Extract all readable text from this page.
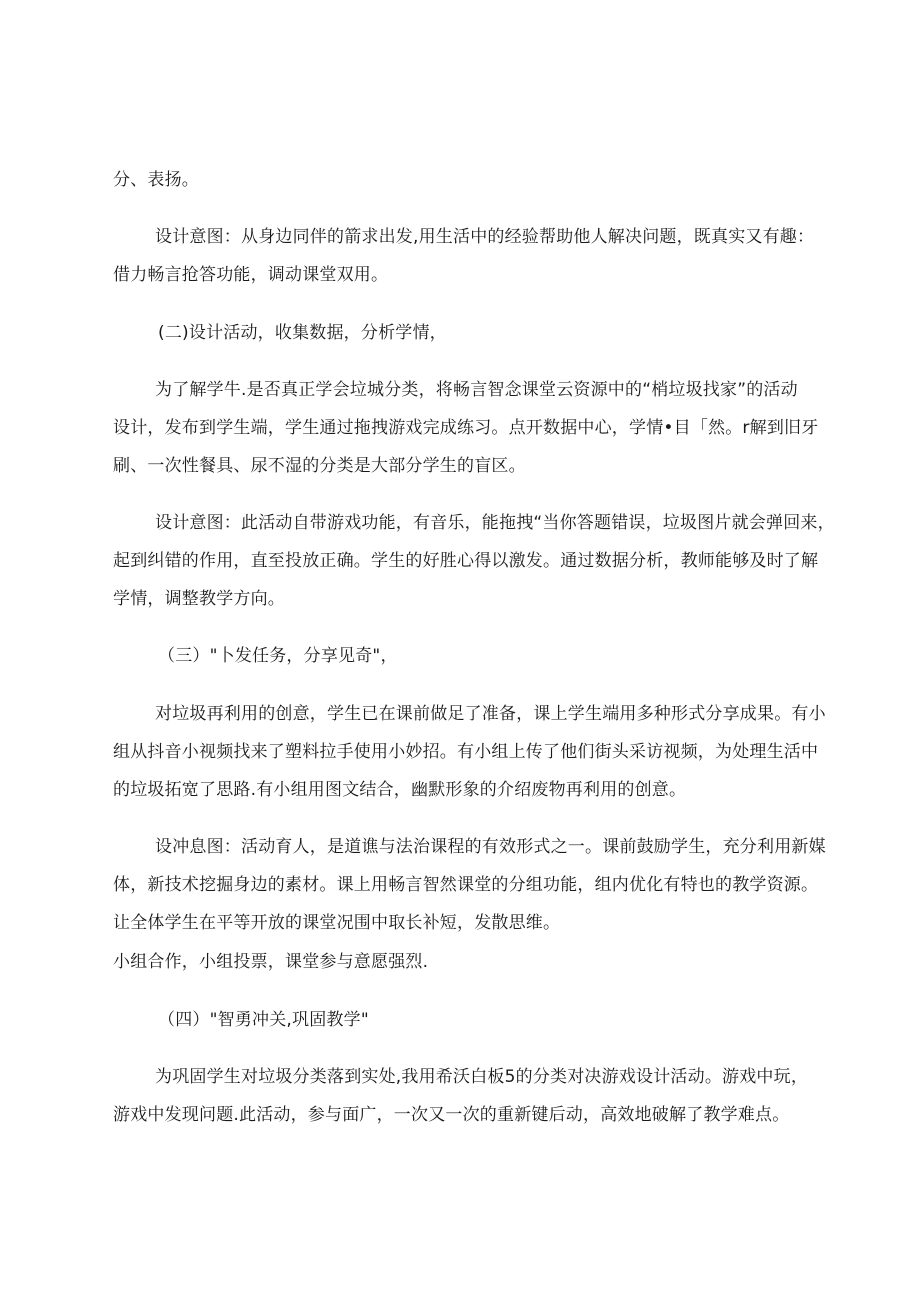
分、表扬。
设计意图：从身边同伴的箭求出发,用生活中的经验帮助他人解决问题，既真实又有趣：
借力畅言抢答功能，调动课堂双用。
(二)设计活动，收集数据，分析学情，
为了解学牛.是否真正学会垃城分类，将畅言智念课堂云资源中的“梢垃圾找家”的活动
设计，发布到学生端，学生通过拖拽游戏完成练习。点开数据中心，学情•目「然。r解到旧牙
刷、一次性餐具、尿不湿的分类是大部分学生的盲区。
设计意图：此活动自带游戏功能，有音乐，能拖拽“当你答题错误，垃圾图片就会弹回来，
起到纠错的作用，直至投放正确。学生的好胜心得以激发。通过数据分析，教师能够及时了解
学情，调整教学方向。
（三）"卜发任务，分享见奇"，
对垃圾再利用的创意，学生已在课前做足了准备，课上学生端用多种形式分享成果。有小
组从抖音小视频找来了塑料拉手使用小妙招。有小组上传了他们街头采访视频，为处理生活中
的垃圾拓宽了思路.有小组用图文结合，幽默形象的介绍废物再利用的创意。
设冲息图：活动育人，是道谯与法治课程的有效形式之一。课前鼓励学生，充分利用新媒
体，新技术挖掘身边的素材。课上用畅言智然课堂的分组功能，组内优化有特也的教学资源。
让全体学生在平等开放的课堂况围中取长补短，发散思维。
小组合作，小组投票，课堂参与意愿强烈.
（四）"智勇冲关,巩固教学"
为巩固学生对垃圾分类落到实处,我用希沃白板5的分类对决游戏设计活动。游戏中玩，
游戏中发现问题.此活动，参与面广，一次又一次的重新键后动，高效地破解了教学难点。
